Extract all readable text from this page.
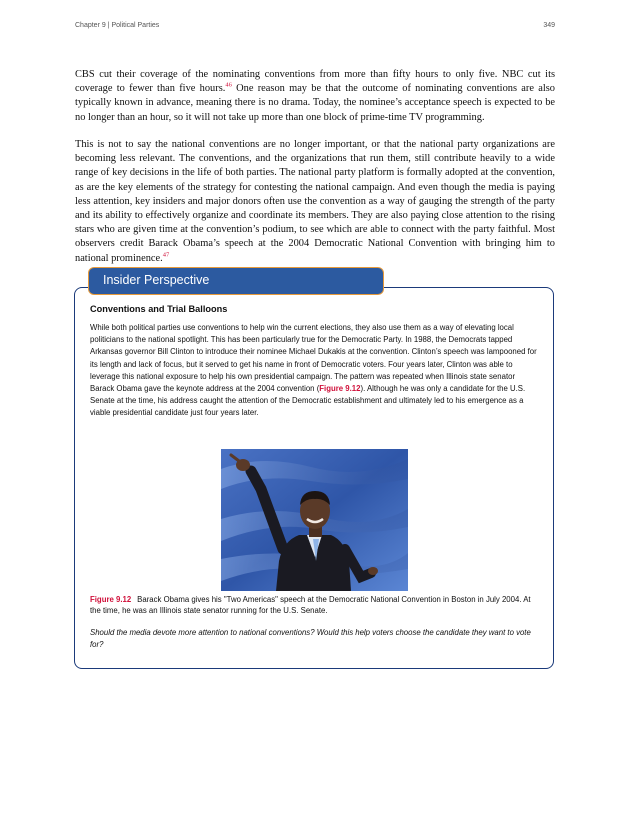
Chapter 9 | Political Parties	349
CBS cut their coverage of the nominating conventions from more than fifty hours to only five. NBC cut its coverage to fewer than five hours.$^{46}$ One reason may be that the outcome of nominating conventions are also typically known in advance, meaning there is no drama. Today, the nominee’s acceptance speech is expected to be no longer than an hour, so it will not take up more than one block of prime-time TV programming.
This is not to say the national conventions are no longer important, or that the national party organizations are becoming less relevant. The conventions, and the organizations that run them, still contribute heavily to a wide range of key decisions in the life of both parties. The national party platform is formally adopted at the convention, as are the key elements of the strategy for contesting the national campaign. And even though the media is paying less attention, key insiders and major donors often use the convention as a way of gauging the strength of the party and its ability to effectively organize and coordinate its members. They are also paying close attention to the rising stars who are given time at the convention’s podium, to see which are able to connect with the party faithful. Most observers credit Barack Obama’s speech at the 2004 Democratic National Convention with bringing him to national prominence.$^{47}$
Insider Perspective
Conventions and Trial Balloons
While both political parties use conventions to help win the current elections, they also use them as a way of elevating local politicians to the national spotlight. This has been particularly true for the Democratic Party. In 1988, the Democrats tapped Arkansas governor Bill Clinton to introduce their nominee Michael Dukakis at the convention. Clinton’s speech was lampooned for its length and lack of focus, but it served to get his name in front of Democratic voters. Four years later, Clinton was able to leverage this national exposure to help his own presidential campaign. The pattern was repeated when Illinois state senator Barack Obama gave the keynote address at the 2004 convention (Figure 9.12). Although he was only a candidate for the U.S. Senate at the time, his address caught the attention of the Democratic establishment and ultimately led to his emergence as a viable presidential candidate just four years later.
Figure 9.12 Barack Obama gives his "Two Americas" speech at the Democratic National Convention in Boston in July 2004. At the time, he was an Illinois state senator running for the U.S. Senate.
Should the media devote more attention to national conventions? Would this help voters choose the candidate they want to vote for?
